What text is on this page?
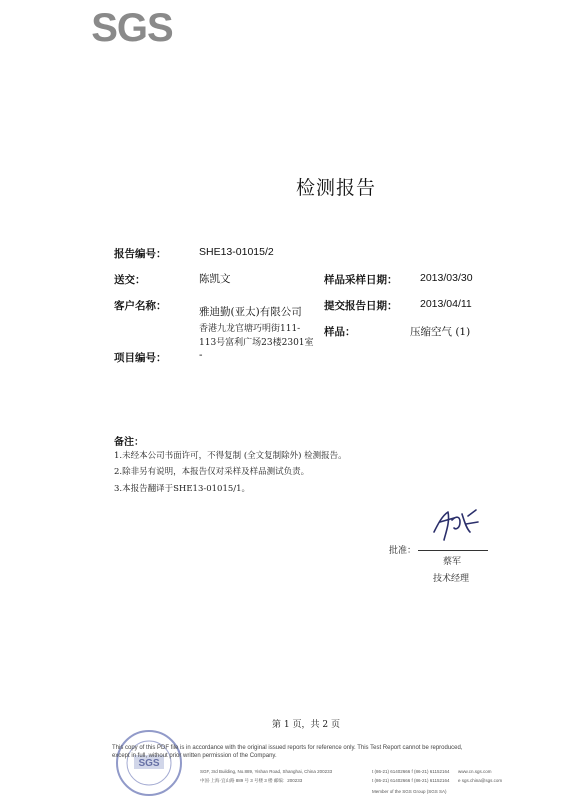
SGS
检测报告
报告编号：	SHE13-01015/2
送交：	陈凯文	样品采样日期： 2013/03/30
客户名称：	雅迪勤(亚太)有限公司
香港九龙官塘巧明街111-113号富利广场23楼2301室
提交报告日期： 2013/04/11
样品：	压缩空气 (1)
项目编号：	-
备注：
1.未经本公司书面许可，不得复制 (全文复制除外) 检测报告。
2.除非另有说明，本报告仅对采样及样品测试负责。
3.本报告翻译于SHE13-01015/1。
批准：
蔡军
技术经理
第 1 页，共 2 页
SGS
This copy of this PDF file is in accordance with the original issued reports for reference only. This Test Report cannot be reproduced, except in full, without prior written permission of the Company.
SGF, 3rd Building, No.889, Yishan Road, Shanghai, China 200233
中国·上海·宜山路 889 号 3 号楼 3 楼 邮编：200233
t (86-21) 61402666 f (86-21) 61152164
t (86-21) 61402666 f (86-21) 61152164
www.cn.sgs.com
e sgs.china@sgs.com
Member of the SGS Group (SGS SA)
